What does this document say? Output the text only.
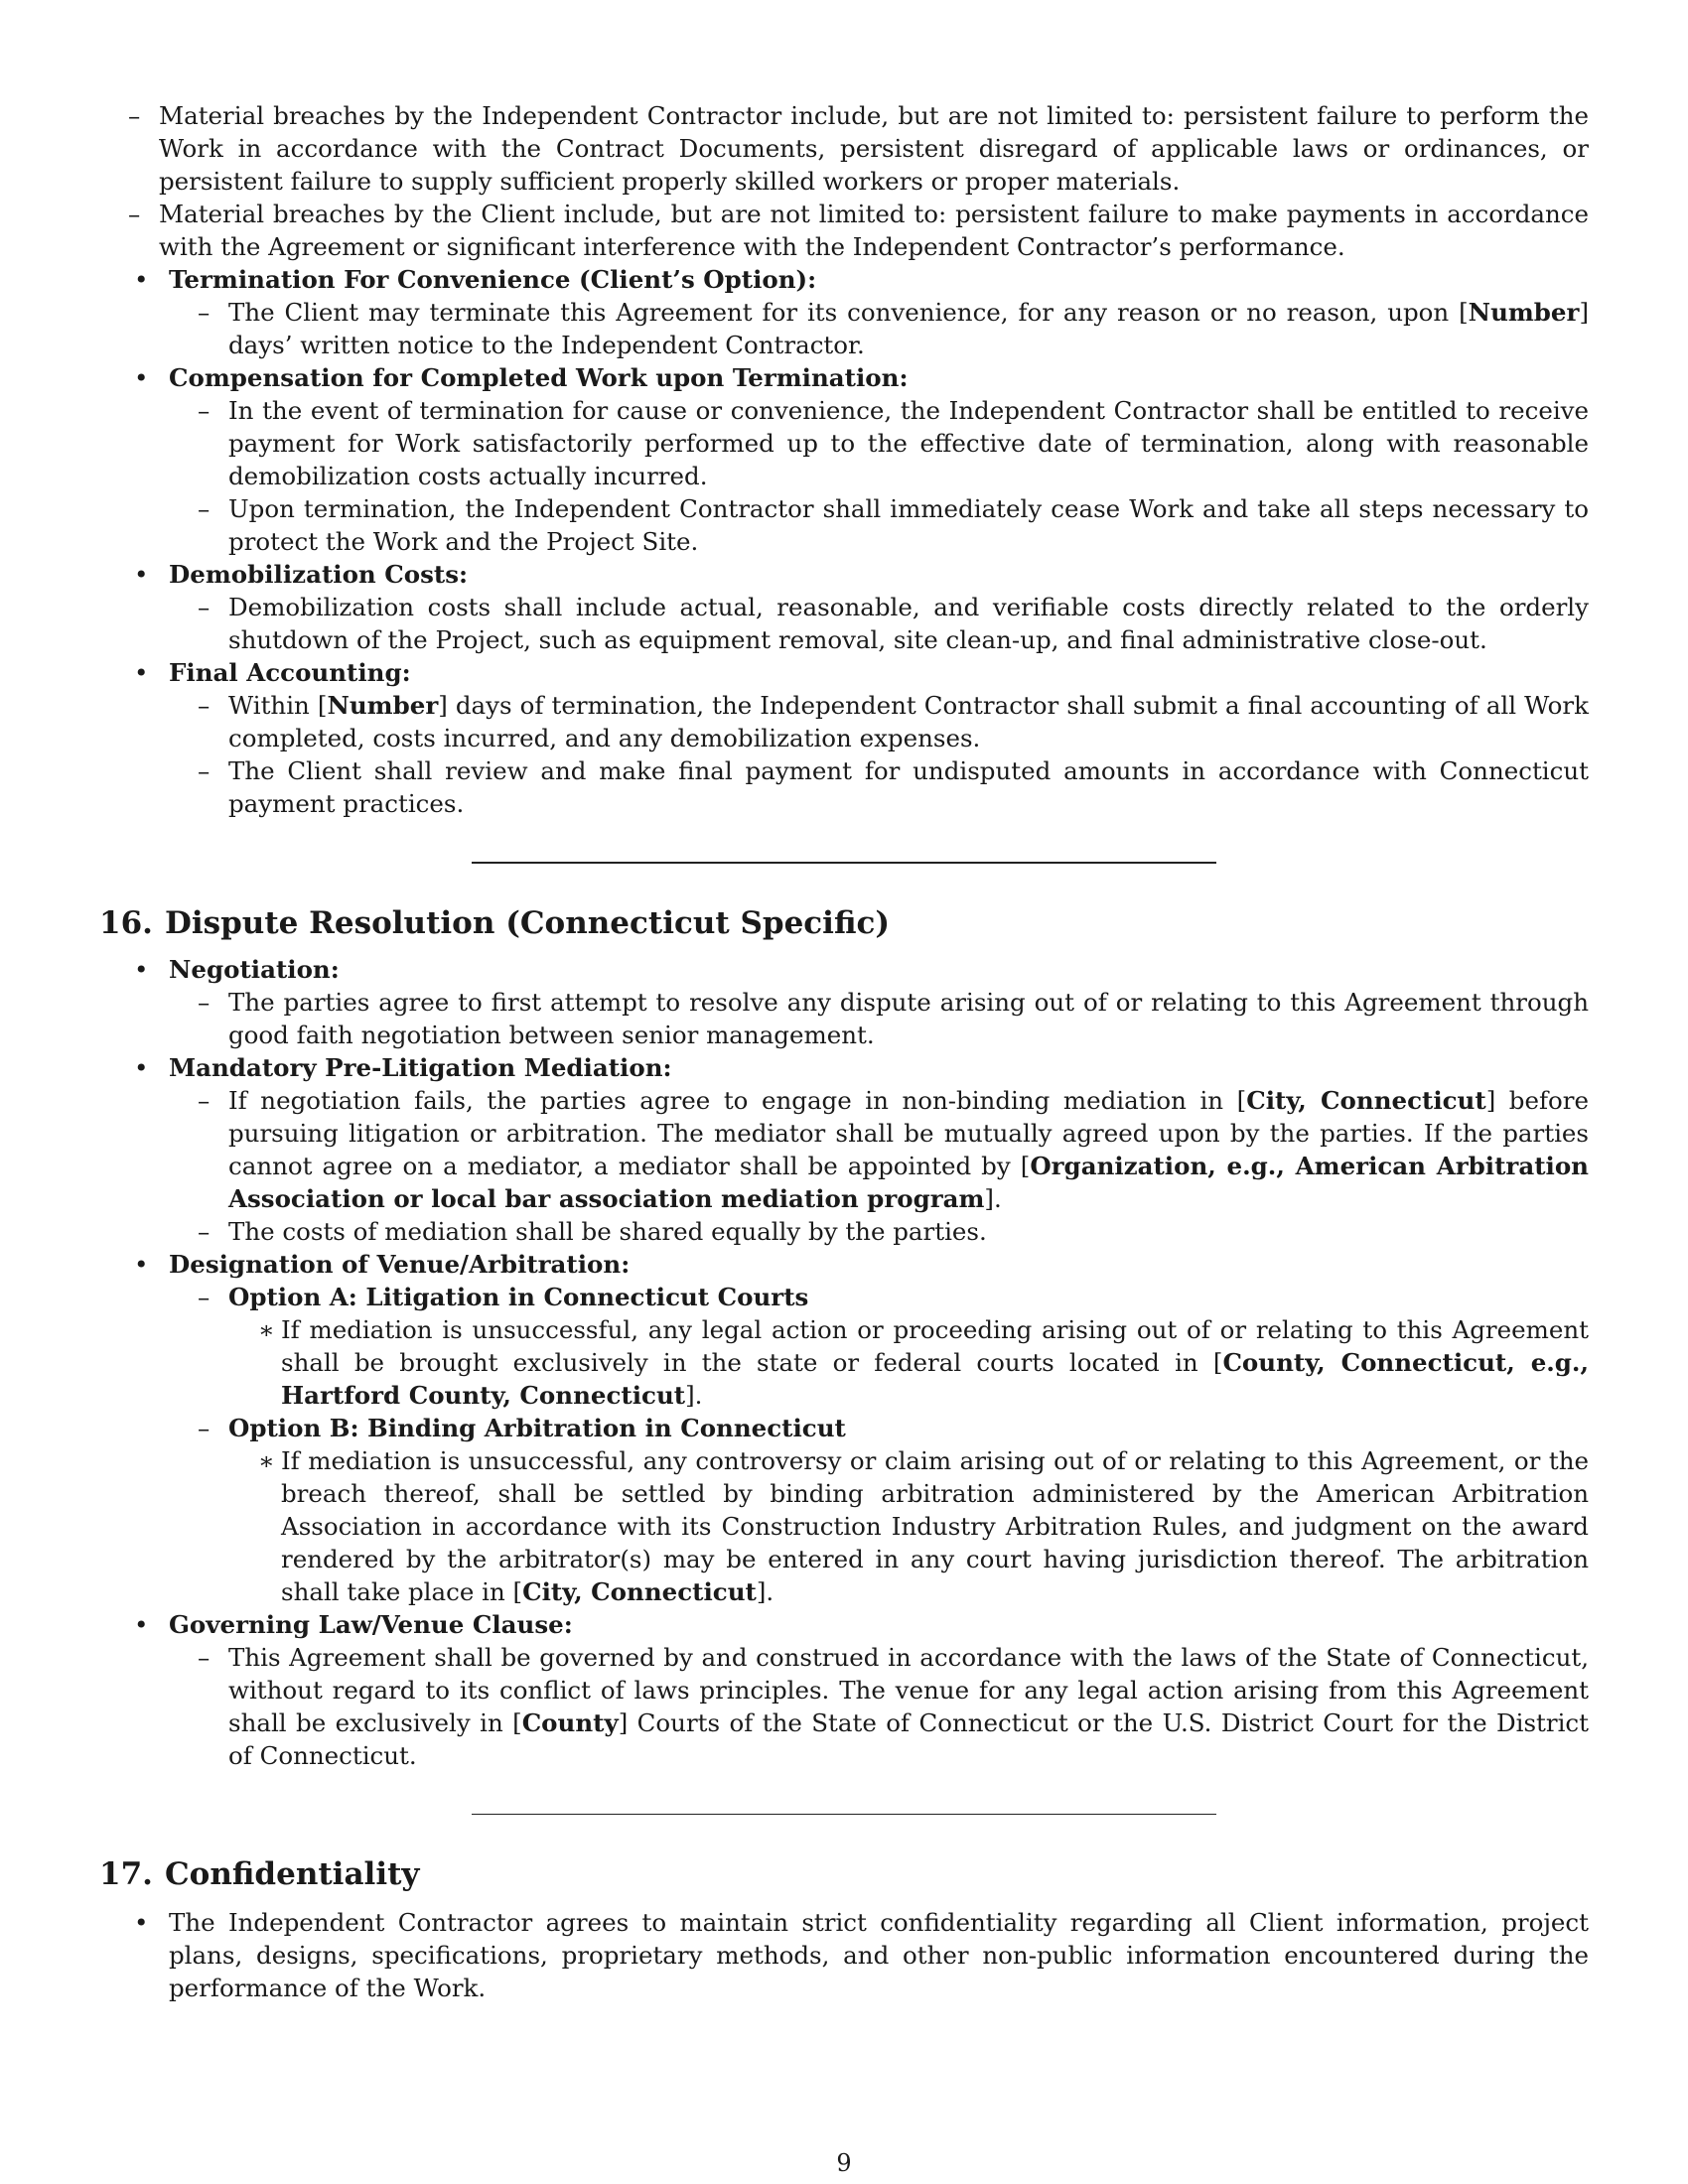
– Material breaches by the Independent Contractor include, but are not limited to: persistent failure to perform the Work in accordance with the Contract Documents, persistent disregard of applicable laws or ordinances, or persistent failure to supply sufficient properly skilled workers or proper materials.

– Material breaches by the Client include, but are not limited to: persistent failure to make payments in accordance with the Agreement or significant interference with the Independent Contractor’s performance.

• Termination For Convenience (Client’s Option):
– The Client may terminate this Agreement for its convenience, for any reason or no reason, upon [Number] days’ written notice to the Independent Contractor.

• Compensation for Completed Work upon Termination:
– In the event of termination for cause or convenience, the Independent Contractor shall be entitled to receive payment for Work satisfactorily performed up to the effective date of termination, along with reasonable demobilization costs actually incurred.

– Upon termination, the Independent Contractor shall immediately cease Work and take all steps necessary to protect the Work and the Project Site.

• Demobilization Costs:
– Demobilization costs shall include actual, reasonable, and verifiable costs directly related to the orderly shutdown of the Project, such as equipment removal, site clean-up, and final administrative close-out.

• Final Accounting:
– Within [Number] days of termination, the Independent Contractor shall submit a final accounting of all Work completed, costs incurred, and any demobilization expenses.

– The Client shall review and make final payment for undisputed amounts in accordance with Connecticut payment practices.

16. Dispute Resolution (Connecticut Specific)
• Negotiation:
– The parties agree to first attempt to resolve any dispute arising out of or relating to this Agreement through good faith negotiation between senior management.

• Mandatory Pre-Litigation Mediation:
– If negotiation fails, the parties agree to engage in non-binding mediation in [City, Connecticut] before pursuing litigation or arbitration. The mediator shall be mutually agreed upon by the parties. If the parties cannot agree on a mediator, a mediator shall be appointed by [Organization, e.g., American Arbitration Association or local bar association mediation program].

– The costs of mediation shall be shared equally by the parties.

• Designation of Venue/Arbitration:
– Option A: Litigation in Connecticut Courts
∗ If mediation is unsuccessful, any legal action or proceeding arising out of or relating to this Agreement shall be brought exclusively in the state or federal courts located in [County, Connecticut, e.g., Hartford County, Connecticut].

– Option B: Binding Arbitration in Connecticut
∗ If mediation is unsuccessful, any controversy or claim arising out of or relating to this Agreement, or the breach thereof, shall be settled by binding arbitration administered by the American Arbitration Association in accordance with its Construction Industry Arbitration Rules, and judgment on the award rendered by the arbitrator(s) may be entered in any court having jurisdiction thereof. The arbitration shall take place in [City, Connecticut].

• Governing Law/Venue Clause:
– This Agreement shall be governed by and construed in accordance with the laws of the State of Connecticut, without regard to its conflict of laws principles. The venue for any legal action arising from this Agreement shall be exclusively in [County] Courts of the State of Connecticut or the U.S. District Court for the District of Connecticut.

17. Confidentiality
• The Independent Contractor agrees to maintain strict confidentiality regarding all Client information, project plans, designs, specifications, proprietary methods, and other non-public information encountered during the performance of the Work.

9
